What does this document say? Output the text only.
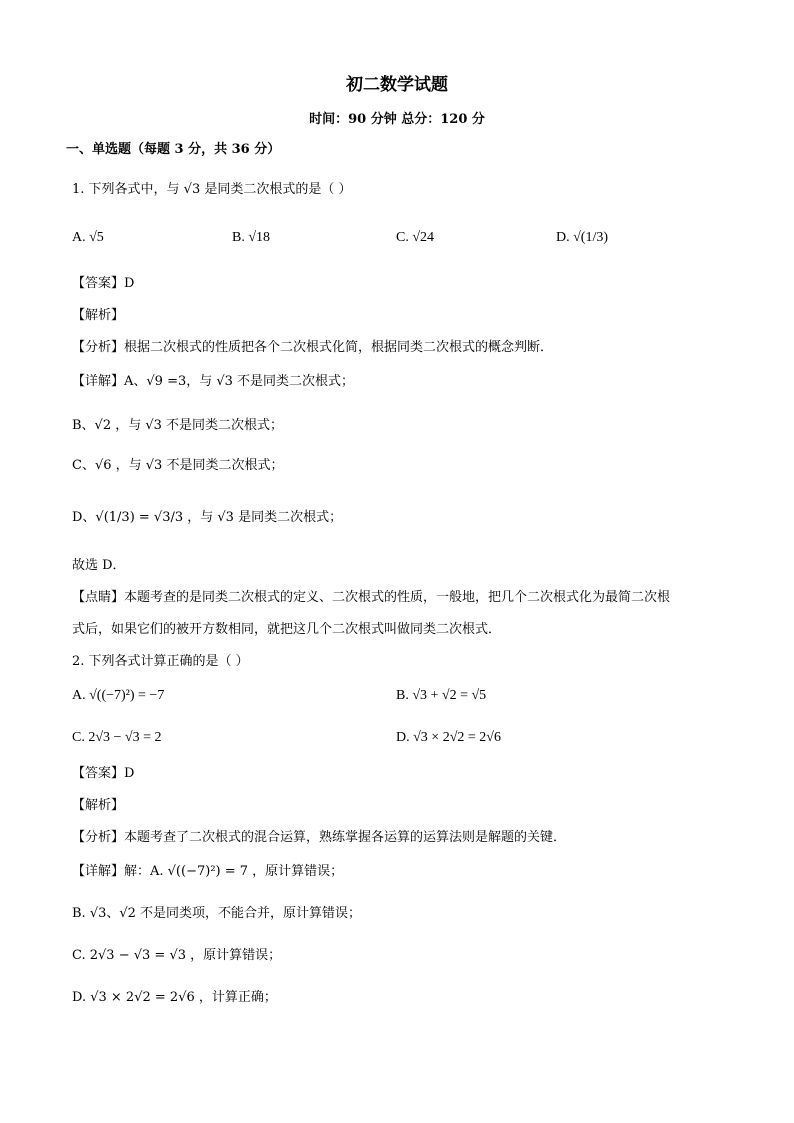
初二数学试题
时间：90 分钟 总分：120 分
一、单选题（每题 3 分，共 36 分）
1. 下列各式中，与 √3 是同类二次根式的是（ ）
A. √5	B. √18	C. √24	D. √(1/3)
【答案】D
【解析】
【分析】根据二次根式的性质把各个二次根式化简，根据同类二次根式的概念判断．
【详解】A、√9 =3，与 √3 不是同类二次根式；
B、√2 ，与 √3 不是同类二次根式；
C、√6 ，与 √3 不是同类二次根式；
D、√(1/3) = √3/3 ，与 √3 是同类二次根式；
故选 D．
【点睛】本题考查的是同类二次根式的定义、二次根式的性质，一般地，把几个二次根式化为最简二次根
式后，如果它们的被开方数相同，就把这几个二次根式叫做同类二次根式．
2. 下列各式计算正确的是（ ）
A. √((−7)²) = −7	B. √3 + √2 = √5
C. 2√3 − √3 = 2	D. √3 × 2√2 = 2√6
【答案】D
【解析】
【分析】本题考查了二次根式的混合运算，熟练掌握各运算的运算法则是解题的关键．
【详解】解：A. √((−7)²) = 7 ，原计算错误；
B. √3、√2 不是同类项，不能合并，原计算错误；
C. 2√3 − √3 = √3 ，原计算错误；
D. √3 × 2√2 = 2√6 ，计算正确；
